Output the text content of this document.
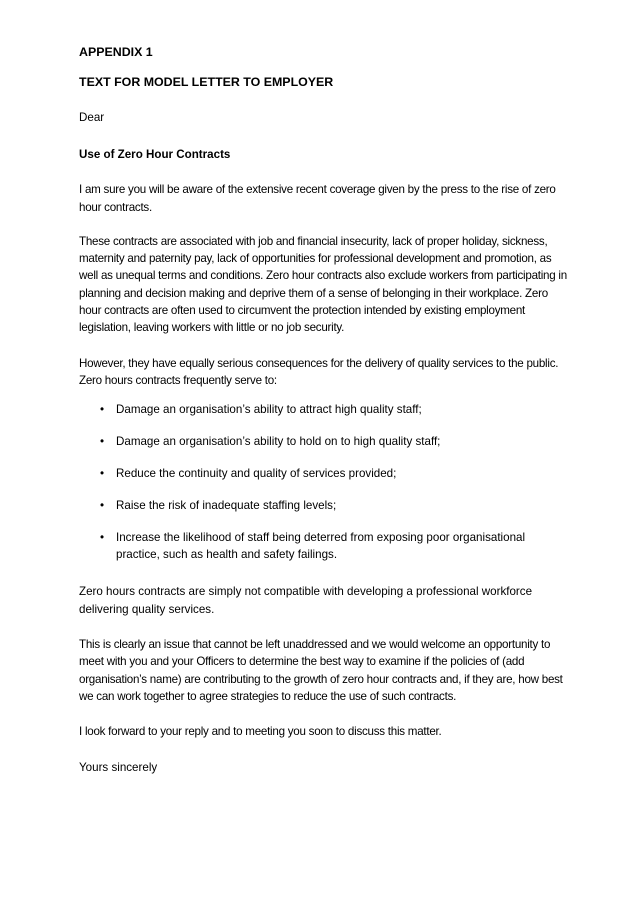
APPENDIX 1

TEXT FOR MODEL LETTER TO EMPLOYER

Dear

Use of Zero Hour Contracts

I am sure you will be aware of the extensive recent coverage given by the press to the rise of zero hour contracts.

These contracts are associated with job and financial insecurity, lack of proper holiday, sickness, maternity and paternity pay, lack of opportunities for professional development and promotion, as well as unequal terms and conditions. Zero hour contracts also exclude workers from participating in planning and decision making and deprive them of a sense of belonging in their workplace. Zero hour contracts are often used to circumvent the protection intended by existing employment legislation, leaving workers with little or no job security.

However, they have equally serious consequences for the delivery of quality services to the public. Zero hours contracts frequently serve to:

• Damage an organisation’s ability to attract high quality staff;
• Damage an organisation’s ability to hold on to high quality staff;
• Reduce the continuity and quality of services provided;
• Raise the risk of inadequate staffing levels;
• Increase the likelihood of staff being deterred from exposing poor organisational practice, such as health and safety failings.

Zero hours contracts are simply not compatible with developing a professional workforce delivering quality services.

This is clearly an issue that cannot be left unaddressed and we would welcome an opportunity to meet with you and your Officers to determine the best way to examine if the policies of (add organisation’s name) are contributing to the growth of zero hour contracts and, if they are, how best we can work together to agree strategies to reduce the use of such contracts.

I look forward to your reply and to meeting you soon to discuss this matter.

Yours sincerely
